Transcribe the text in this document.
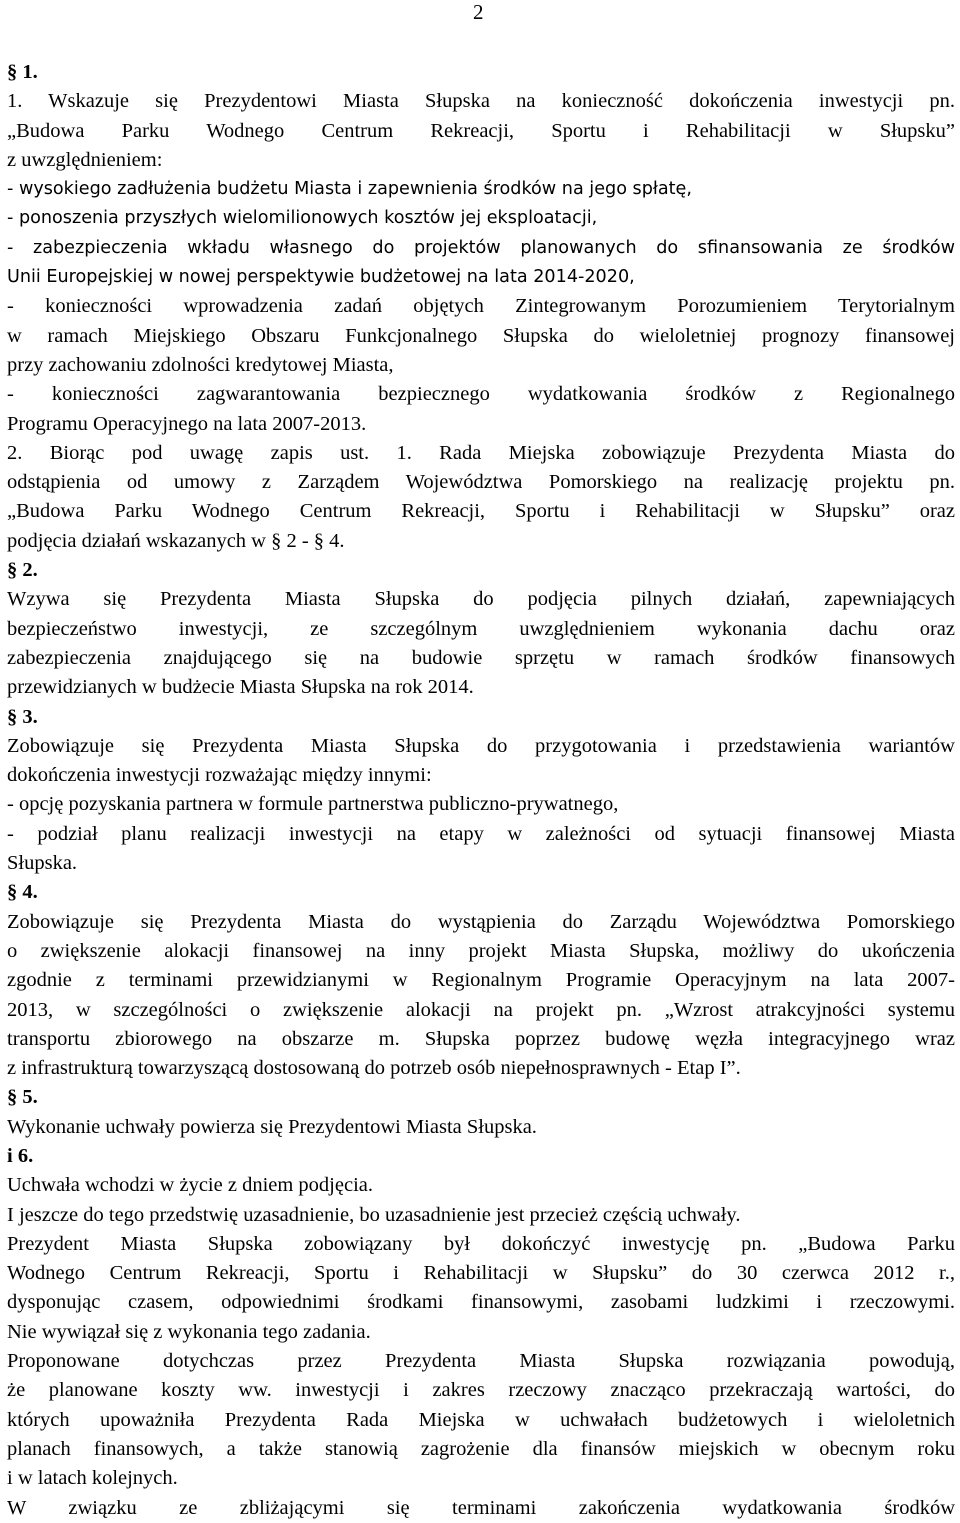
2
§ 1.
1. Wskazuje się Prezydentowi Miasta Słupska na konieczność dokończenia inwestycji pn.
„Budowa Parku Wodnego Centrum Rekreacji, Sportu i Rehabilitacji w Słupsku”
z uwzględnieniem:
- wysokiego zadłużenia budżetu Miasta i zapewnienia środków na jego spłatę,
- ponoszenia przyszłych wielomilionowych kosztów jej eksploatacji,
- zabezpieczenia wkładu własnego do projektów planowanych do sfinansowania ze środków
Unii Europejskiej w nowej perspektywie budżetowej na lata 2014-2020,
- konieczności wprowadzenia zadań objętych Zintegrowanym Porozumieniem Terytorialnym
w ramach Miejskiego Obszaru Funkcjonalnego Słupska do wieloletniej prognozy finansowej
przy zachowaniu zdolności kredytowej Miasta,
- konieczności zagwarantowania bezpiecznego wydatkowania środków z Regionalnego
Programu Operacyjnego na lata 2007-2013.
2. Biorąc pod uwagę zapis ust. 1. Rada Miejska zobowiązuje Prezydenta Miasta do
odstąpienia od umowy z Zarządem Województwa Pomorskiego na realizację projektu pn.
„Budowa Parku Wodnego Centrum Rekreacji, Sportu i Rehabilitacji w Słupsku” oraz
podjęcia działań wskazanych w § 2 - § 4.
§ 2.
Wzywa się Prezydenta Miasta Słupska do podjęcia pilnych działań, zapewniających
bezpieczeństwo inwestycji, ze szczególnym uwzględnieniem wykonania dachu oraz
zabezpieczenia znajdującego się na budowie sprzętu w ramach środków finansowych
przewidzianych w budżecie Miasta Słupska na rok 2014.
§ 3.
Zobowiązuje się Prezydenta Miasta Słupska do przygotowania i przedstawienia wariantów
dokończenia inwestycji rozważając między innymi:
- opcję pozyskania partnera w formule partnerstwa publiczno-prywatnego,
- podział planu realizacji inwestycji na etapy w zależności od sytuacji finansowej Miasta
Słupska.
§ 4.
Zobowiązuje się Prezydenta Miasta do wystąpienia do Zarządu Województwa Pomorskiego
o zwiększenie alokacji finansowej na inny projekt Miasta Słupska, możliwy do ukończenia
zgodnie z terminami przewidzianymi w Regionalnym Programie Operacyjnym na lata 2007-
2013, w szczególności o zwiększenie alokacji na projekt pn. „Wzrost atrakcyjności systemu
transportu zbiorowego na obszarze m. Słupska poprzez budowę węzła integracyjnego wraz
z infrastrukturą towarzyszącą dostosowaną do potrzeb osób niepełnosprawnych - Etap I”.
§ 5.
Wykonanie uchwały powierza się Prezydentowi Miasta Słupska.
i 6.
Uchwała wchodzi w życie z dniem podjęcia.
I jeszcze do tego przedstwię uzasadnienie, bo uzasadnienie jest przecież częścią uchwały.
Prezydent Miasta Słupska zobowiązany był dokończyć inwestycję pn. „Budowa Parku
Wodnego Centrum Rekreacji, Sportu i Rehabilitacji w Słupsku” do 30 czerwca 2012 r.,
dysponując czasem, odpowiednimi środkami finansowymi, zasobami ludzkimi i rzeczowymi.
Nie wywiązał się z wykonania tego zadania.
Proponowane dotychczas przez Prezydenta Miasta Słupska rozwiązania powodują,
że planowane koszty ww. inwestycji i zakres rzeczowy znacząco przekraczają wartości, do
których upoważniła Prezydenta Rada Miejska w uchwałach budżetowych i wieloletnich
planach finansowych, a także stanowią zagrożenie dla finansów miejskich w obecnym roku
i w latach kolejnych.
W związku ze zbliżającymi się terminami zakończenia wydatkowania środków
